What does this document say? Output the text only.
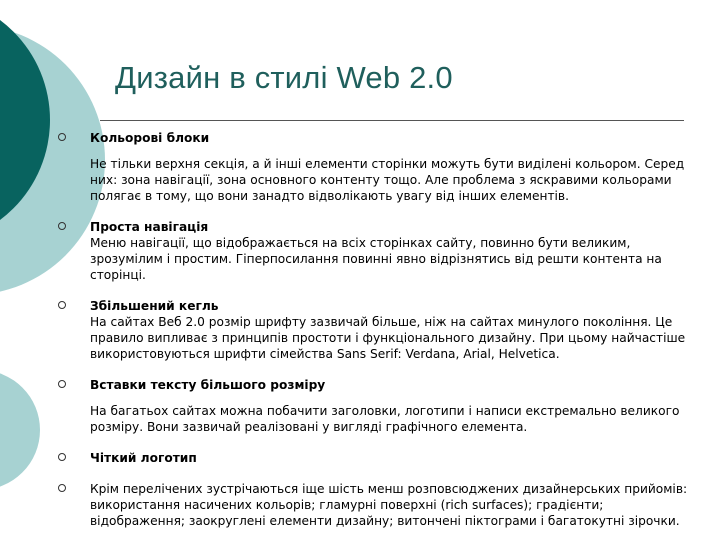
Дизайн в стилі Web 2.0
Кольорові блоки
Не тільки верхня секція, а й інші елементи сторінки можуть бути виділені кольором. Серед них: зона навігації, зона основного контенту тощо. Але проблема з яскравими кольорами полягає в тому, що вони занадто відволікають увагу від інших елементів.
Проста навігація
Меню навігації, що відображається на всіх сторінках сайту, повинно бути великим, зрозумілим і простим. Гіперпосилання повинні явно відрізнятись від решти контента на сторінці.
Збільшений кегль
На сайтах Веб 2.0 розмір шрифту зазвичай більше, ніж на сайтах минулого покоління. Це правило випливає з принципів простоти і функціонального дизайну. При цьому найчастіше використовуються шрифти сімейства Sans Serif: Verdana, Arial, Helvetica.
Вставки тексту більшого розміру
На багатьох сайтах можна побачити заголовки, логотипи і написи екстремально великого розміру. Вони зазвичай реалізовані у вигляді графічного елемента.
Чіткий логотип
Крім перелічених зустрічаються іще шість менш розповсюджених дизайнерських прийомів: використання насичених кольорів; гламурні поверхні (rich surfaces); градієнти; відображення; заокруглені елементи дизайну; витончені піктограми і багатокутні зірочки.
